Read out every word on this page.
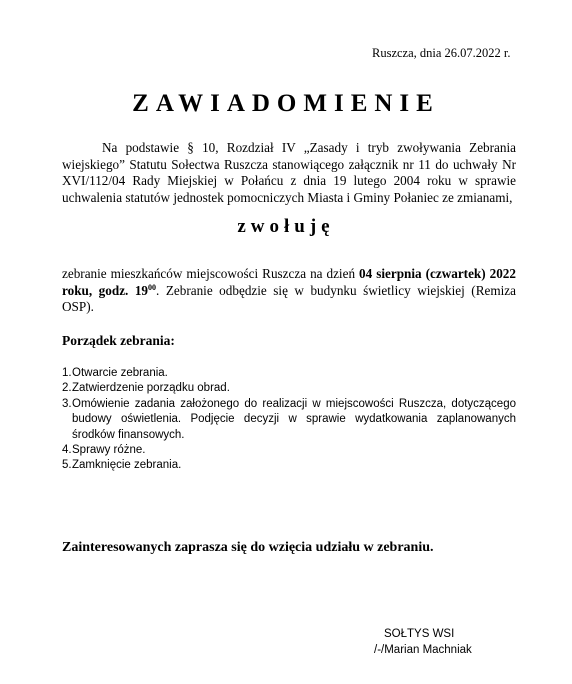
Ruszcza, dnia 26.07.2022 r.
ZAWIADOMIENIE
Na podstawie § 10, Rozdział IV „Zasady i tryb zwoływania Zebrania wiejskiego” Statutu Sołectwa Ruszcza stanowiącego załącznik nr 11 do uchwały Nr XVI/112/04 Rady Miejskiej w Połańcu z dnia 19 lutego 2004 roku w sprawie uchwalenia statutów jednostek pomocniczych Miasta i Gminy Połaniec ze zmianami,
zwołuję
zebranie mieszkańców miejscowości Ruszcza na dzień 04 sierpnia (czwartek) 2022 roku, godz. $19^{00}$. Zebranie odbędzie się w budynku świetlicy wiejskiej (Remiza OSP).
Porządek zebrania:
1. Otwarcie zebrania.
2. Zatwierdzenie porządku obrad.
3. Omówienie zadania założonego do realizacji w miejscowości Ruszcza, dotyczącego budowy oświetlenia. Podjęcie decyzji w sprawie wydatkowania zaplanowanych środków finansowych.
4. Sprawy różne.
5. Zamknięcie zebrania.
Zainteresowanych zaprasza się do wzięcia udziału w zebraniu.
SOŁTYS WSI
/-/Marian Machniak
